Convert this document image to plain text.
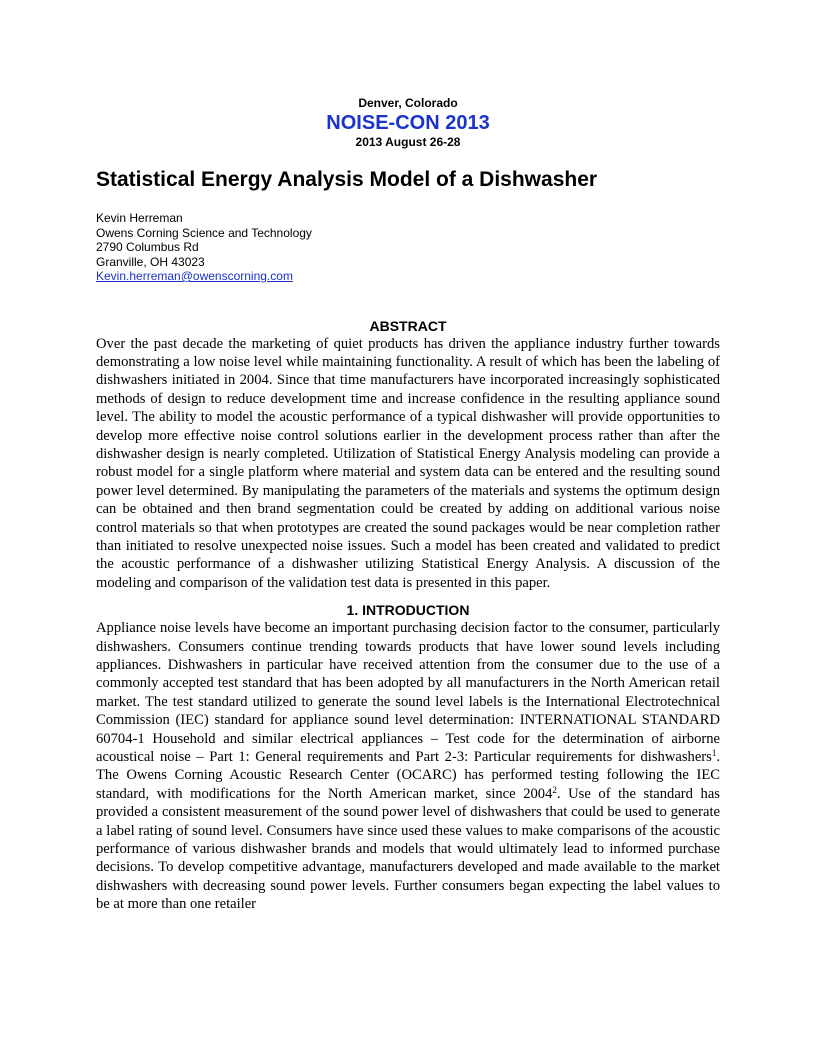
Denver, Colorado
NOISE-CON 2013
2013 August 26-28
Statistical Energy Analysis Model of a Dishwasher
Kevin Herreman
Owens Corning Science and Technology
2790 Columbus Rd
Granville, OH 43023
Kevin.herreman@owenscorning.com
ABSTRACT

Over the past decade the marketing of quiet products has driven the appliance industry further towards demonstrating a low noise level while maintaining functionality. A result of which has been the labeling of dishwashers initiated in 2004. Since that time manufacturers have incorporated increasingly sophisticated methods of design to reduce development time and increase confidence in the resulting appliance sound level. The ability to model the acoustic performance of a typical dishwasher will provide opportunities to develop more effective noise control solutions earlier in the development process rather than after the dishwasher design is nearly completed. Utilization of Statistical Energy Analysis modeling can provide a robust model for a single platform where material and system data can be entered and the resulting sound power level determined. By manipulating the parameters of the materials and systems the optimum design can be obtained and then brand segmentation could be created by adding on additional various noise control materials so that when prototypes are created the sound packages would be near completion rather than initiated to resolve unexpected noise issues. Such a model has been created and validated to predict the acoustic performance of a dishwasher utilizing Statistical Energy Analysis. A discussion of the modeling and comparison of the validation test data is presented in this paper.

1. INTRODUCTION

Appliance noise levels have become an important purchasing decision factor to the consumer, particularly dishwashers. Consumers continue trending towards products that have lower sound levels including appliances. Dishwashers in particular have received attention from the consumer due to the use of a commonly accepted test standard that has been adopted by all manufacturers in the North American retail market. The test standard utilized to generate the sound level labels is the International Electrotechnical Commission (IEC) standard for appliance sound level determination: INTERNATIONAL STANDARD 60704-1 Household and similar electrical appliances – Test code for the determination of airborne acoustical noise – Part 1: General requirements and Part 2-3: Particular requirements for dishwashers$^1$. The Owens Corning Acoustic Research Center (OCARC) has performed testing following the IEC standard, with modifications for the North American market, since 2004$^2$. Use of the standard has provided a consistent measurement of the sound power level of dishwashers that could be used to generate a label rating of sound level. Consumers have since used these values to make comparisons of the acoustic performance of various dishwasher brands and models that would ultimately lead to informed purchase decisions. To develop competitive advantage, manufacturers developed and made available to the market dishwashers with decreasing sound power levels. Further consumers began expecting the label values to be at more than one retailer
